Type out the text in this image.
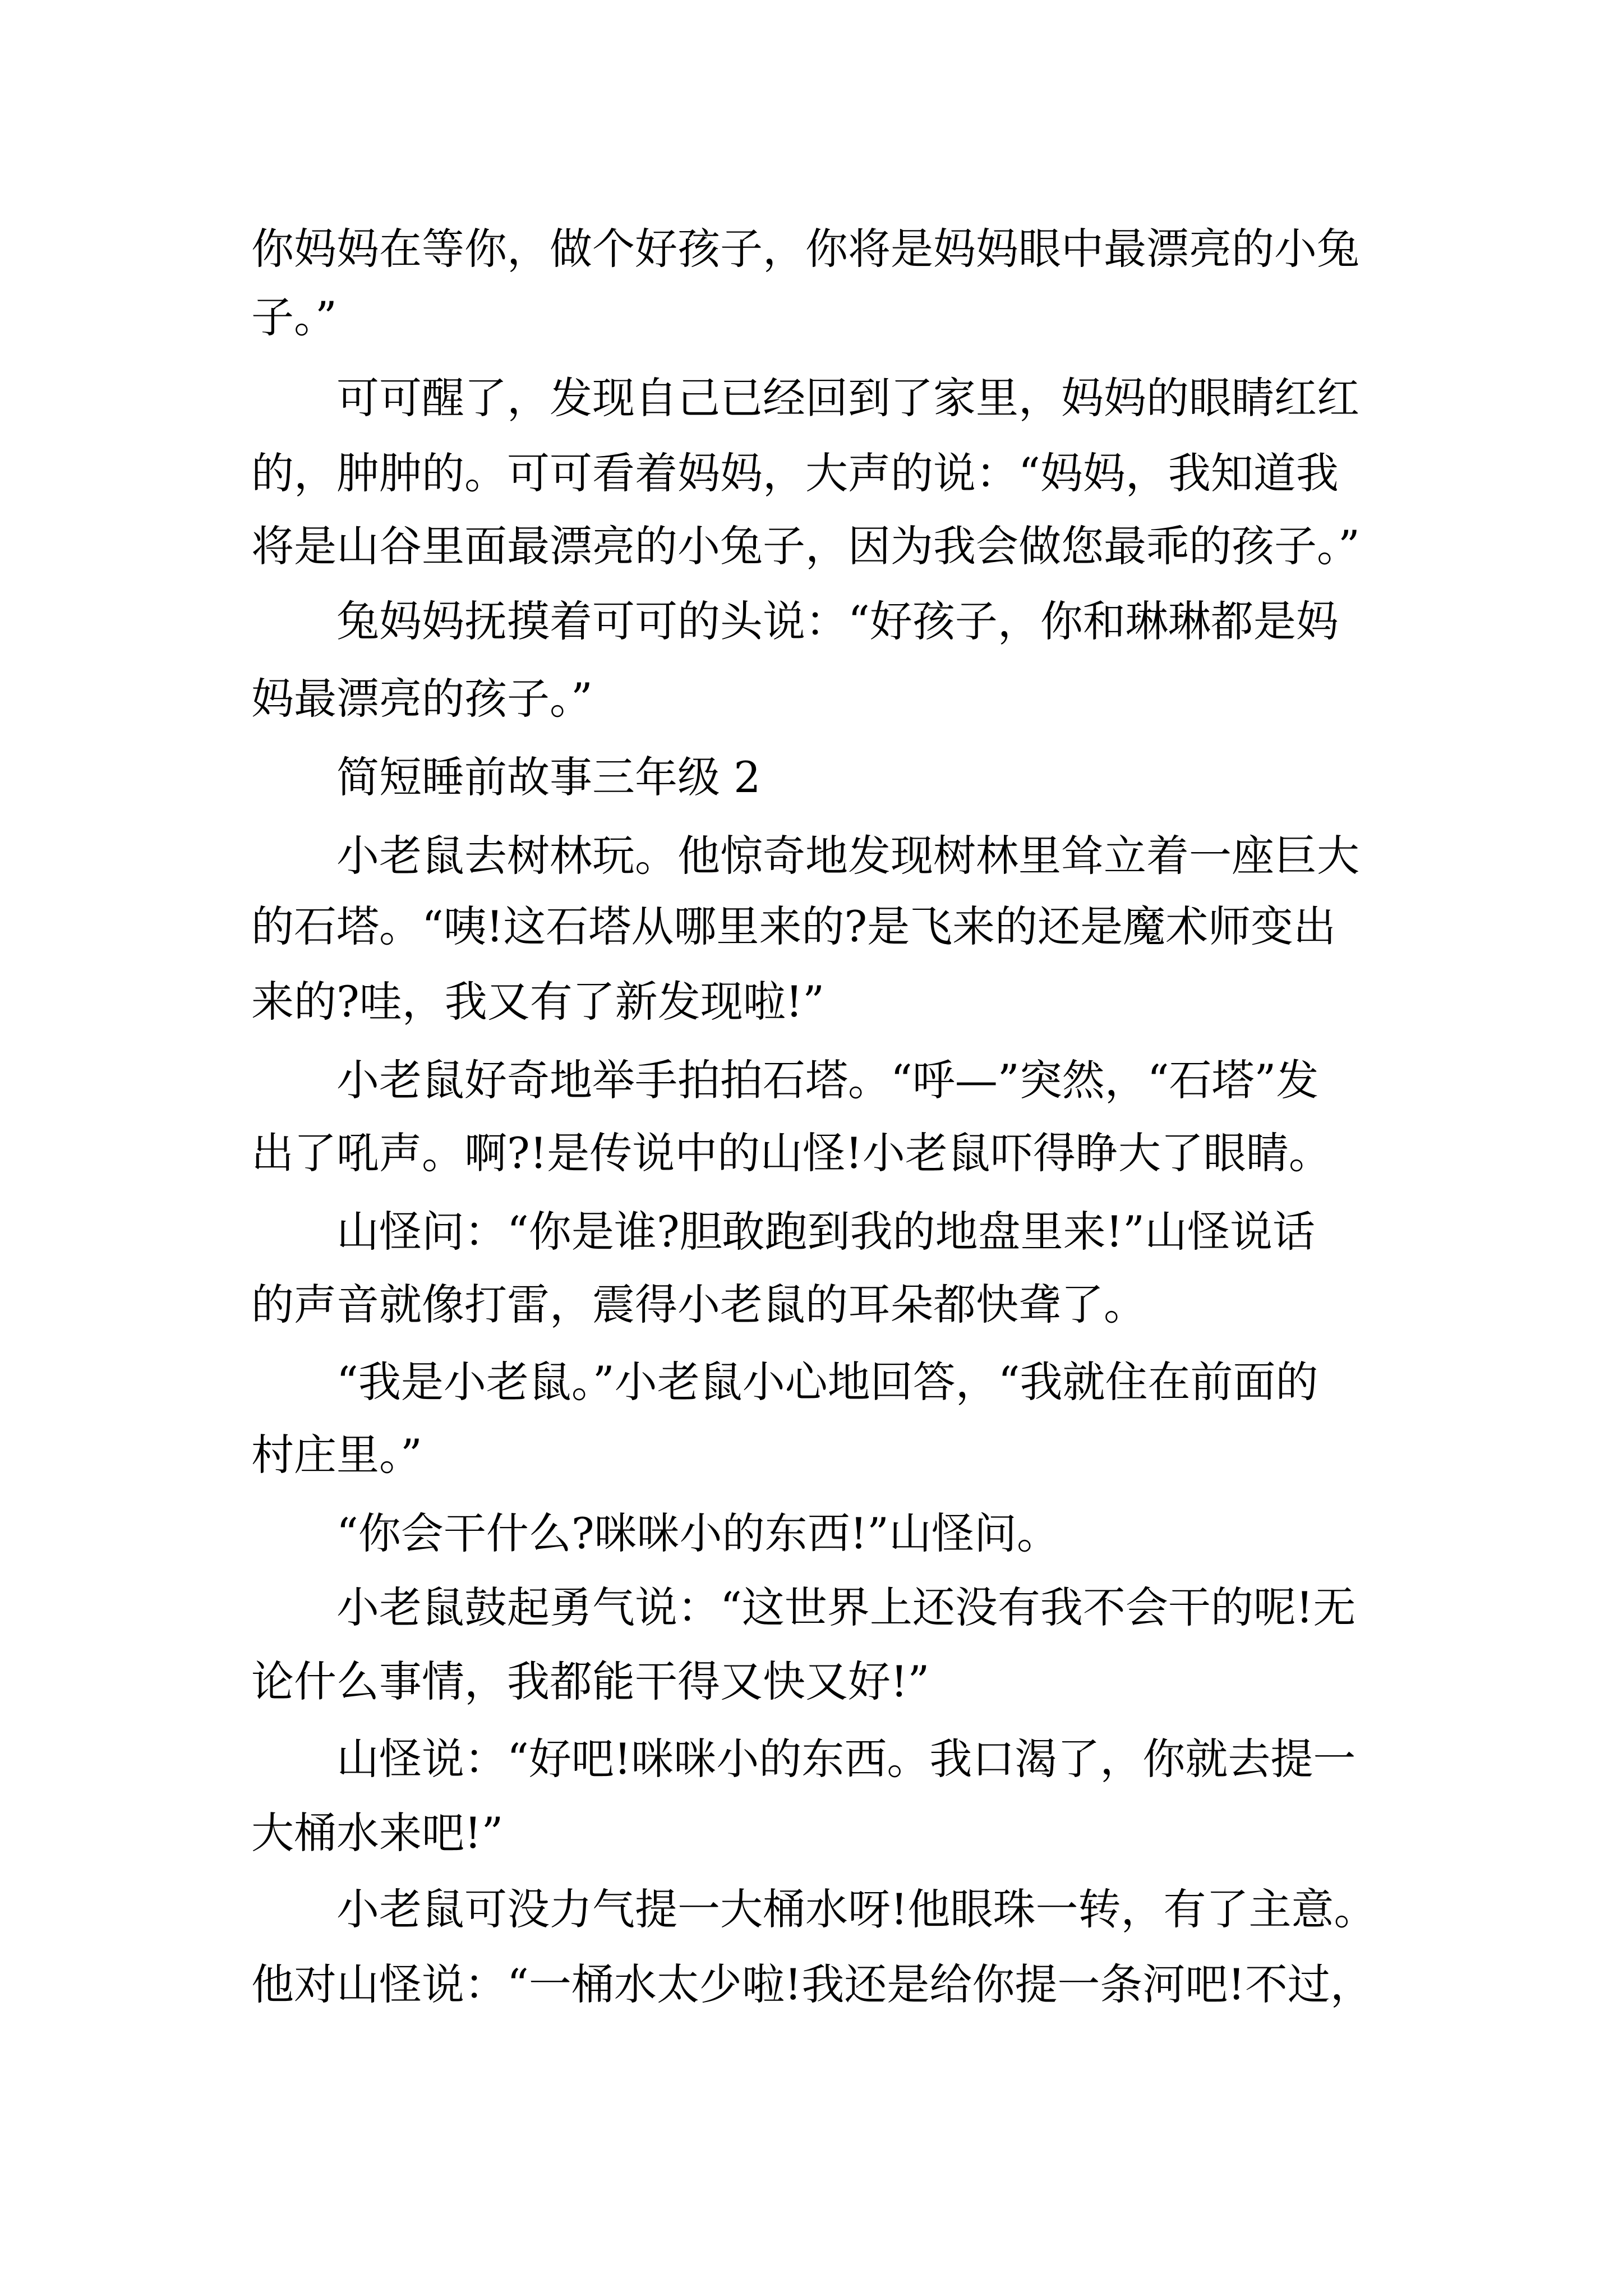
你妈妈在等你，做个好孩子，你将是妈妈眼中最漂亮的小兔
子。”
可可醒了，发现自己已经回到了家里，妈妈的眼睛红红
的，肿肿的。可可看着妈妈，大声的说：“妈妈，我知道我
将是山谷里面最漂亮的小兔子，因为我会做您最乖的孩子。”
兔妈妈抚摸着可可的头说：“好孩子，你和琳琳都是妈
妈最漂亮的孩子。”
简短睡前故事三年级 2
小老鼠去树林玩。他惊奇地发现树林里耸立着一座巨大
的石塔。“咦!这石塔从哪里来的?是飞来的还是魔术师变出
来的?哇，我又有了新发现啦!”
小老鼠好奇地举手拍拍石塔。“呼—”突然，“石塔”发
出了吼声。啊?!是传说中的山怪!小老鼠吓得睁大了眼睛。
山怪问：“你是谁?胆敢跑到我的地盘里来!”山怪说话
的声音就像打雷，震得小老鼠的耳朵都快聋了。
“我是小老鼠。”小老鼠小心地回答，“我就住在前面的
村庄里。”
“你会干什么?咪咪小的东西!”山怪问。
小老鼠鼓起勇气说：“这世界上还没有我不会干的呢!无
论什么事情，我都能干得又快又好!”
山怪说：“好吧!咪咪小的东西。我口渴了，你就去提一
大桶水来吧!”
小老鼠可没力气提一大桶水呀!他眼珠一转，有了主意。
他对山怪说：“一桶水太少啦!我还是给你提一条河吧!不过，
